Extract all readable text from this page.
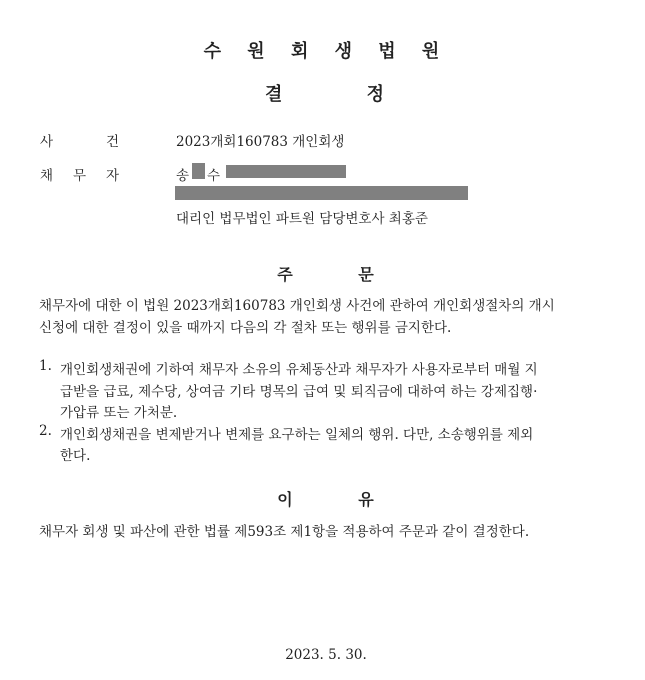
수 원 회 생 법 원
결 정
사	건	2023개회160783 개인회생
채 무 자	송 수
대리인 법무법인 파트원 담당변호사 최홍준
주 문
채무자에 대한 이 법원 2023개회160783 개인회생 사건에 관하여 개인회생절차의 개시
신청에 대한 결정이 있을 때까지 다음의 각 절차 또는 행위를 금지한다.
1. 개인회생채권에 기하여 채무자 소유의 유체동산과 채무자가 사용자로부터 매월 지
급받을 급료, 제수당, 상여금 기타 명목의 급여 및 퇴직금에 대하여 하는 강제집행·
가압류 또는 가처분.
2. 개인회생채권을 변제받거나 변제를 요구하는 일체의 행위. 다만, 소송행위를 제외
한다.
이 유
채무자 회생 및 파산에 관한 법률 제593조 제1항을 적용하여 주문과 같이 결정한다.
2023. 5. 30.
